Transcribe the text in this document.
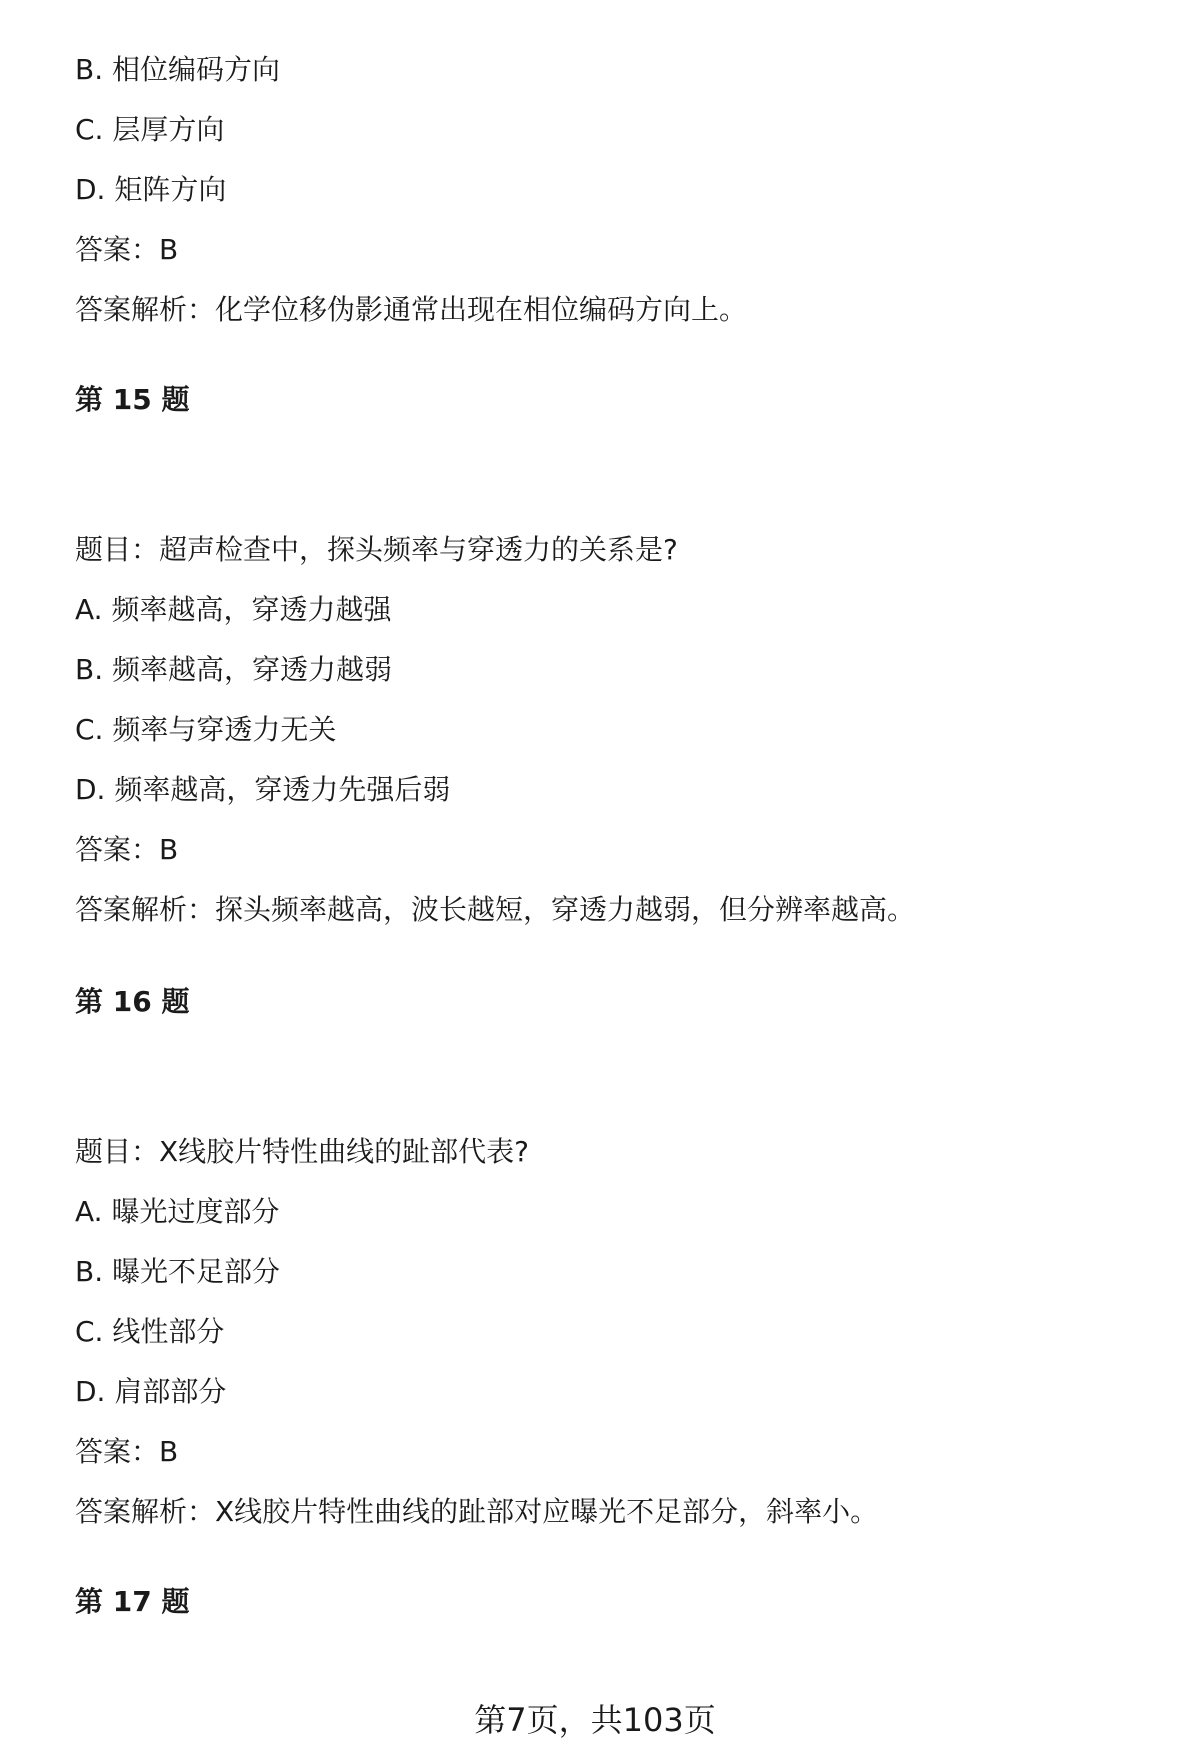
B. 相位编码方向
C. 层厚方向
D. 矩阵方向
答案：B
答案解析：化学位移伪影通常出现在相位编码方向上。
第 15 题
题目：超声检查中，探头频率与穿透力的关系是?
A. 频率越高，穿透力越强
B. 频率越高，穿透力越弱
C. 频率与穿透力无关
D. 频率越高，穿透力先强后弱
答案：B
答案解析：探头频率越高，波长越短，穿透力越弱，但分辨率越高。
第 16 题
题目：X线胶片特性曲线的趾部代表?
A. 曝光过度部分
B. 曝光不足部分
C. 线性部分
D. 肩部部分
答案：B
答案解析：X线胶片特性曲线的趾部对应曝光不足部分，斜率小。
第 17 题
第7页，共103页
